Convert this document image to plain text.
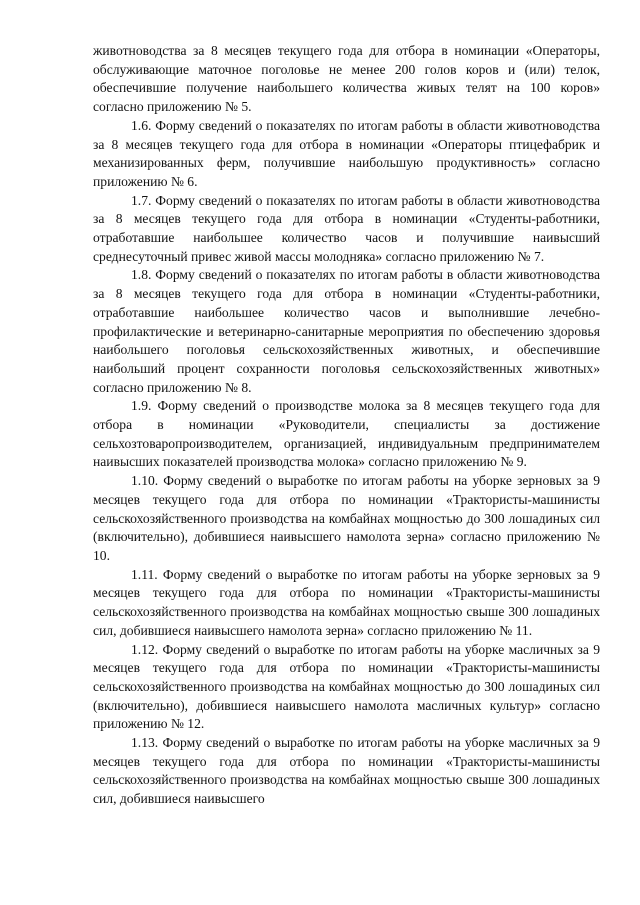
животноводства за 8 месяцев текущего года для отбора в номинации «Операторы, обслуживающие маточное поголовье не менее 200 голов коров и (или) телок, обеспечившие получение наибольшего количества живых телят на 100 коров» согласно приложению № 5.

1.6. Форму сведений о показателях по итогам работы в области животноводства за 8 месяцев текущего года для отбора в номинации «Операторы птицефабрик и механизированных ферм, получившие наибольшую продуктивность» согласно приложению № 6.

1.7. Форму сведений о показателях по итогам работы в области животноводства за 8 месяцев текущего года для отбора в номинации «Студенты-работники, отработавшие наибольшее количество часов и получившие наивысший среднесуточный привес живой массы молодняка» согласно приложению № 7.

1.8. Форму сведений о показателях по итогам работы в области животноводства за 8 месяцев текущего года для отбора в номинации «Студенты-работники, отработавшие наибольшее количество часов и выполнившие лечебно-профилактические и ветеринарно-санитарные мероприятия по обеспечению здоровья наибольшего поголовья сельскохозяйственных животных, и обеспечившие наибольший процент сохранности поголовья сельскохозяйственных животных» согласно приложению № 8.

1.9. Форму сведений о производстве молока за 8 месяцев текущего года для отбора в номинации «Руководители, специалисты за достижение сельхозтоваропроизводителем, организацией, индивидуальным предпринимателем наивысших показателей производства молока» согласно приложению № 9.

1.10. Форму сведений о выработке по итогам работы на уборке зерновых за 9 месяцев текущего года для отбора по номинации «Трактористы-машинисты сельскохозяйственного производства на комбайнах мощностью до 300 лошадиных сил (включительно), добившиеся наивысшего намолота зерна» согласно приложению № 10.

1.11. Форму сведений о выработке по итогам работы на уборке зерновых за 9 месяцев текущего года для отбора по номинации «Трактористы-машинисты сельскохозяйственного производства на комбайнах мощностью свыше 300 лошадиных сил, добившиеся наивысшего намолота зерна» согласно приложению № 11.

1.12. Форму сведений о выработке по итогам работы на уборке масличных за 9 месяцев текущего года для отбора по номинации «Трактористы-машинисты сельскохозяйственного производства на комбайнах мощностью до 300 лошадиных сил (включительно), добившиеся наивысшего намолота масличных культур» согласно приложению № 12.

1.13. Форму сведений о выработке по итогам работы на уборке масличных за 9 месяцев текущего года для отбора по номинации «Трактористы-машинисты сельскохозяйственного производства на комбайнах мощностью свыше 300 лошадиных сил, добившиеся наивысшего
